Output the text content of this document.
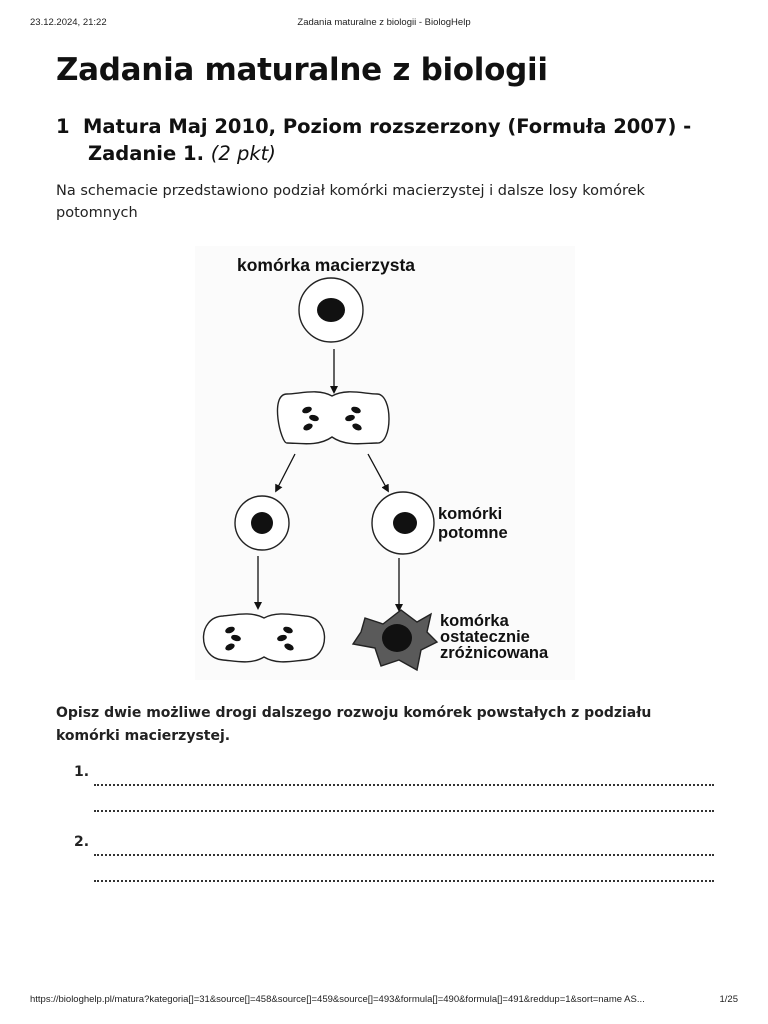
23.12.2024, 21:22	Zadania maturalne z biologii - BiologHelp
Zadania maturalne z biologii
1 Matura Maj 2010, Poziom rozszerzony (Formuła 2007) -
Zadanie 1. (2 pkt)

Na schemacie przedstawiono podział komórki macierzystej i dalsze losy komórek potomnych

komórka macierzysta
komórki
potomne
komórka
ostatecznie
zróżnicowana

Opisz dwie możliwe drogi dalszego rozwoju komórek powstałych z podziału komórki macierzystej.

1.
2.
https://biologhelp.pl/matura?kategoria[]=31&source[]=458&source[]=459&source[]=493&formula[]=490&formula[]=491&reddup=1&sort=name AS...	1/25
